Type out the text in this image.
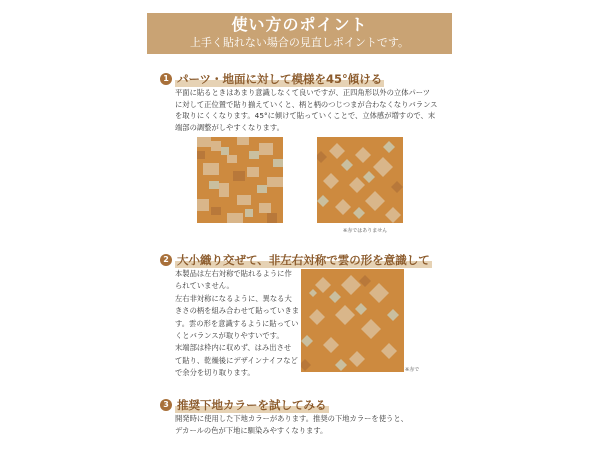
使い方のポイント
上手く貼れない場合の見直しポイントです。
1 パーツ・地面に対して模様を45°傾ける

平面に貼るときはあまり意識しなくて良いですが、正四角形以外の立体パーツ

に対して正位置で貼り揃えていくと、柄と柄のつじつまが合わなくなりバランス

を取りにくくなります。45°に傾けて貼っていくことで、立体感が増すので、末

端部の調整がしやすくなります。

※赤ではありません
2 大小織り交ぜて、非左右対称で雲の形を意識して

本製品は左右対称で貼れるように作

られていません。

左右非対称になるように、異なる大

きさの柄を組み合わせて貼っていきま

す。雲の形を意識するように貼ってい

くとバランスが取りやすいです。

末端部は枠内に収めず、はみ出させ

て貼り、乾燥後にデザインナイフなど

で余分を切り取ります。	※赤で
3 推奨下地カラーを試してみる

開発時に使用した下地カラーがあります。推奨の下地カラーを使うと、

デカールの色が下地に馴染みやすくなります。
